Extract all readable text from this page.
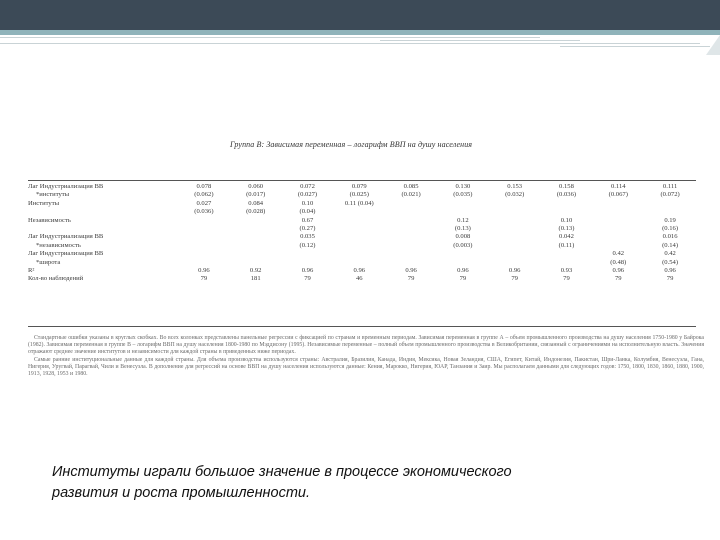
Группа В: Зависимая переменная – логарифм ВВП на душу населения
Лаг Индустриализация ВВ	0.078	0.060	0.072	0.079	0.085	0.130	0.153	0.158	0.114	0.111
*институты	(0.062)	(0.017)	(0.027)	(0.025)	(0.021)	(0.035)	(0.032)	(0.036)	(0.067)	(0.072)
Институты	0.027	0.084	0.10	0.11 (0.04)						
	(0.036)	(0.028)	(0.04)							
Независимость			0.67			0.12		0.10		0.19
			(0.27)			(0.13)		(0.13)		(0.16)
Лаг Индустриализация ВВ			0.035			0.008		0.042		0.016
*независимость			(0.12)			(0.003)		(0.11)		(0.14)
Лаг Индустриализация ВВ									0.42	0.42
*широта									(0.48)	(0.54)
R²	0.96	0.92	0.96	0.96	0.96	0.96	0.96	0.93	0.96	0.96
Кол-во наблюдений	79	181	79	46	79	79	79	79	79	79

Стандартные ошибки указаны в круглых скобках. Во всех колонках представлены панельные регрессии с фиксацией по странам и временным периодам. Зависимая переменная в группе А – объем промышленного производства на душу населения 1750-1980 у Байрока (1982). Зависимая переменная в группе В – логарифм ВВП на душу населения 1800-1980 по Мэддисону (1995). Независимые переменные – полный объем промышленного производства в Великобритании, связанный с ограничениями на исполнительную власть. Значения отражают среднее значение институтов и независимости для каждой страны в приведенных ниже периодах.

Самые ранние институциональные данные для каждой страны. Для объема производства используются страны: Австралия, Бразилия, Канада, Индия, Мексика, Новая Зеландия, США, Египет, Китай, Индонезия, Пакистан, Шри-Ланка, Колумбия, Венесуэла, Гана, Нигерия, Уругвай, Парагвай, Чили и Венесуэла. В дополнение для регрессий на основе ВВП на душу населения используются данные: Кения, Марокко, Нигерия, ЮАР, Танзания и Заир. Мы располагаем данными для следующих годов: 1750, 1800, 1830, 1860, 1880, 1900, 1913, 1928, 1953 и 1980.

Институты играли большое значение в процессе экономического
развития и роста промышленности.
